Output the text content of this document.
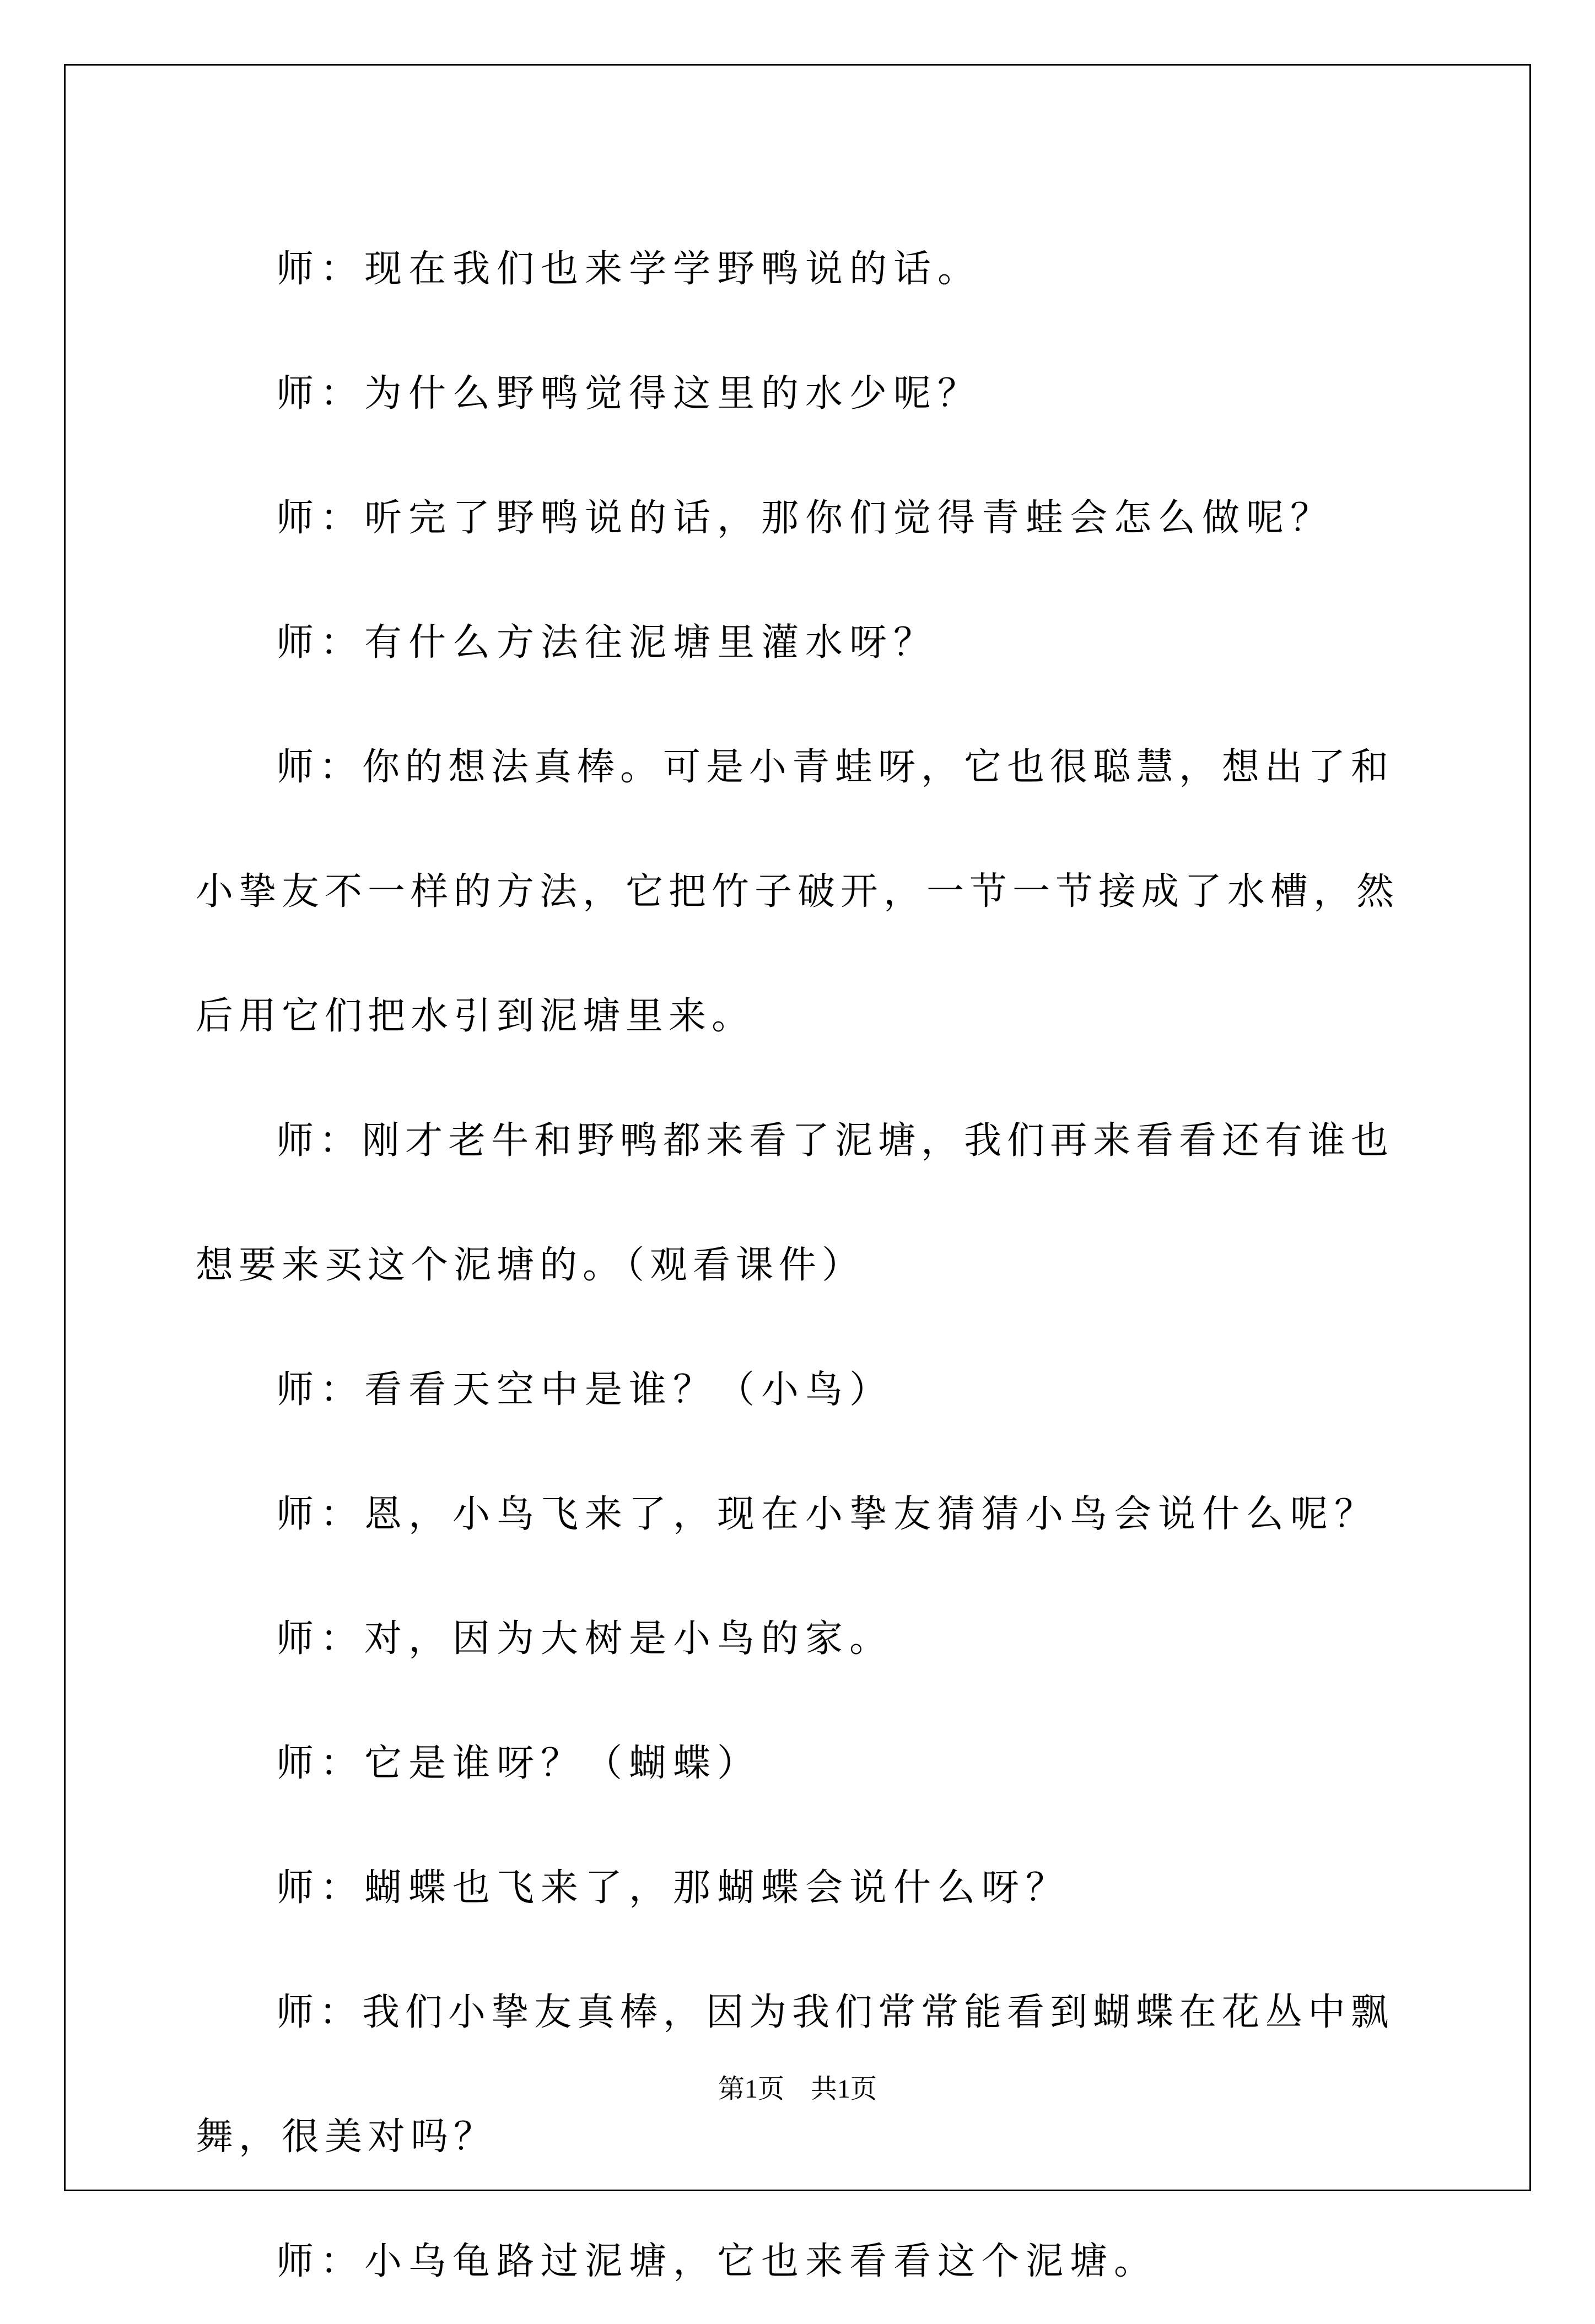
师：现在我们也来学学野鸭说的话。

师：为什么野鸭觉得这里的水少呢？

师：听完了野鸭说的话，那你们觉得青蛙会怎么做呢？

师：有什么方法往泥塘里灌水呀？

师：你的想法真棒。可是小青蛙呀，它也很聪慧，想出了和小挚友不一样的方法，它把竹子破开，一节一节接成了水槽，然后用它们把水引到泥塘里来。

师：刚才老牛和野鸭都来看了泥塘，我们再来看看还有谁也想要来买这个泥塘的。（观看课件）

师：看看天空中是谁？（小鸟）

师：恩，小鸟飞来了，现在小挚友猜猜小鸟会说什么呢？

师：对，因为大树是小鸟的家。

师：它是谁呀？（蝴蝶）

师：蝴蝶也飞来了，那蝴蝶会说什么呀？

师：我们小挚友真棒，因为我们常常能看到蝴蝶在花丛中飘舞，很美对吗？

师：小乌龟路过泥塘，它也来看看这个泥塘。

第1页　共1页
